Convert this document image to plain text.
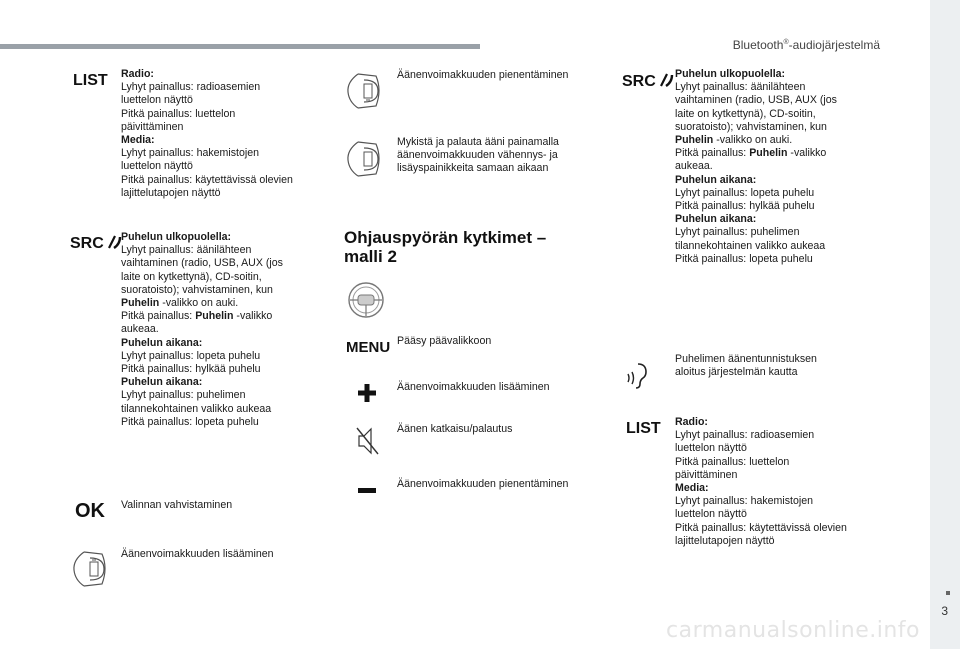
Bluetooth®-audiojärjestelmä
LIST Radio:
Lyhyt painallus: radioasemien
luettelon näyttö
Pitkä painallus: luettelon
päivittäminen
Media:
Lyhyt painallus: hakemistojen
luettelon näyttö
Pitkä painallus: käytettävissä olevien
lajittelutapojen näyttö
SRC	Puhelun ulkopuolella:
Lyhyt painallus: äänilähteen
vaihtaminen (radio, USB, AUX (jos
laite on kytkettynä), CD-soitin,
suoratoisto); vahvistaminen, kun
Puhelin -valikko on auki.
Pitkä painallus: Puhelin -valikko
aukeaa.
Puhelun aikana:
Lyhyt painallus: lopeta puhelu
Pitkä painallus: hylkää puhelu
Puhelun aikana:
Lyhyt painallus: puhelimen
tilannekohtainen valikko aukeaa
Pitkä painallus: lopeta puhelu
OK Valinnan vahvistaminen
Äänenvoimakkuuden lisääminen
Äänenvoimakkuuden pienentäminen
Mykistä ja palauta ääni painamalla
äänenvoimakkuuden vähennys- ja
lisäyspainikkeita samaan aikaan
Ohjauspyörän kytkimet –
malli 2
MENU Pääsy päävalikkoon
Äänenvoimakkuuden lisääminen
Äänen katkaisu/palautus
Äänenvoimakkuuden pienentäminen
SRC	Puhelun ulkopuolella:
Lyhyt painallus: äänilähteen
vaihtaminen (radio, USB, AUX (jos
laite on kytkettynä), CD-soitin,
suoratoisto); vahvistaminen, kun
Puhelin -valikko on auki.
Pitkä painallus: Puhelin -valikko
aukeaa.
Puhelun aikana:
Lyhyt painallus: lopeta puhelu
Pitkä painallus: hylkää puhelu
Puhelun aikana:
Lyhyt painallus: puhelimen
tilannekohtainen valikko aukeaa
Pitkä painallus: lopeta puhelu
Puhelimen äänentunnistuksen
aloitus järjestelmän kautta
LIST Radio:
Lyhyt painallus: radioasemien
luettelon näyttö
Pitkä painallus: luettelon
päivittäminen
Media:
Lyhyt painallus: hakemistojen
luettelon näyttö
Pitkä painallus: käytettävissä olevien
lajittelutapojen näyttö
3
carmanualsonline.info
